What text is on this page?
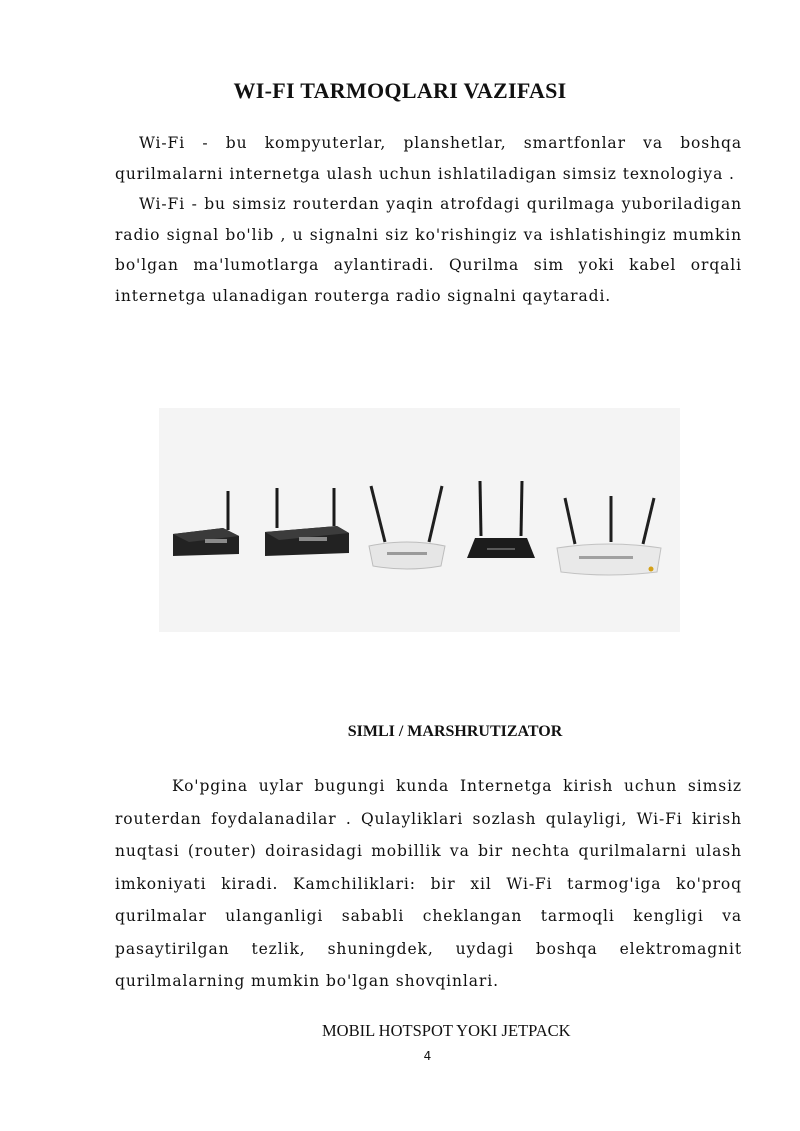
WI-FI TARMOQLARI VAZIFASI

Wi-Fi - bu kompyuterlar, planshetlar, smartfonlar va boshqa qurilmalarni internetga ulash uchun ishlatiladigan simsiz texnologiya .

Wi-Fi - bu simsiz routerdan yaqin atrofdagi qurilmaga yuboriladigan radio signal bo'lib , u signalni siz ko'rishingiz va ishlatishingiz mumkin bo'lgan ma'lumotlarga aylantiradi. Qurilma sim yoki kabel orqali internetga ulanadigan routerga radio signalni qaytaradi.

SIMLI / MARSHRUTIZATOR

Ko'pgina uylar bugungi kunda Internetga kirish uchun simsiz routerdan foydalanadilar . Qulayliklari sozlash qulayligi, Wi-Fi kirish nuqtasi (router) doirasidagi mobillik va bir nechta qurilmalarni ulash imkoniyati kiradi. Kamchiliklari: bir xil Wi-Fi tarmog'iga ko'proq qurilmalar ulanganligi sababli cheklangan tarmoqli kengligi va pasaytirilgan tezlik, shuningdek, uydagi boshqa elektromagnit qurilmalarning mumkin bo'lgan shovqinlari.

MOBIL HOTSPOT YOKI JETPACK
4
